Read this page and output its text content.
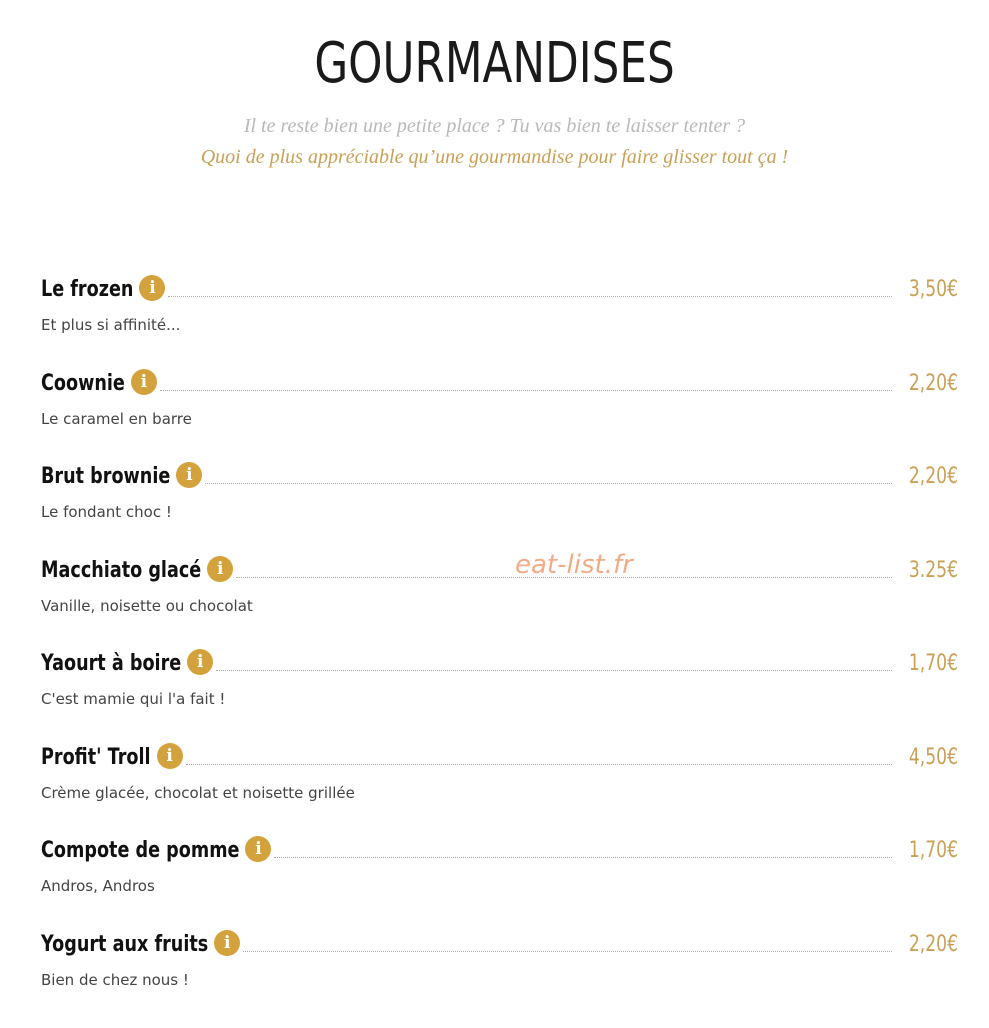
GOURMANDISES
Il te reste bien une petite place ? Tu vas bien te laisser tenter ?
Quoi de plus appréciable qu’une gourmandise pour faire glisser tout ça !
Le frozen i	3,50€
Et plus si affinité...
Coownie i	2,20€
Le caramel en barre
Brut brownie i	2,20€
Le fondant choc !
Macchiato glacé i	3.25€
Vanille, noisette ou chocolat
Yaourt à boire i	1,70€
C'est mamie qui l'a fait !
Profit' Troll i	4,50€
Crème glacée, chocolat et noisette grillée
Compote de pomme i	1,70€
Andros, Andros
Yogurt aux fruits i	2,20€
Bien de chez nous !
eat-list.fr
